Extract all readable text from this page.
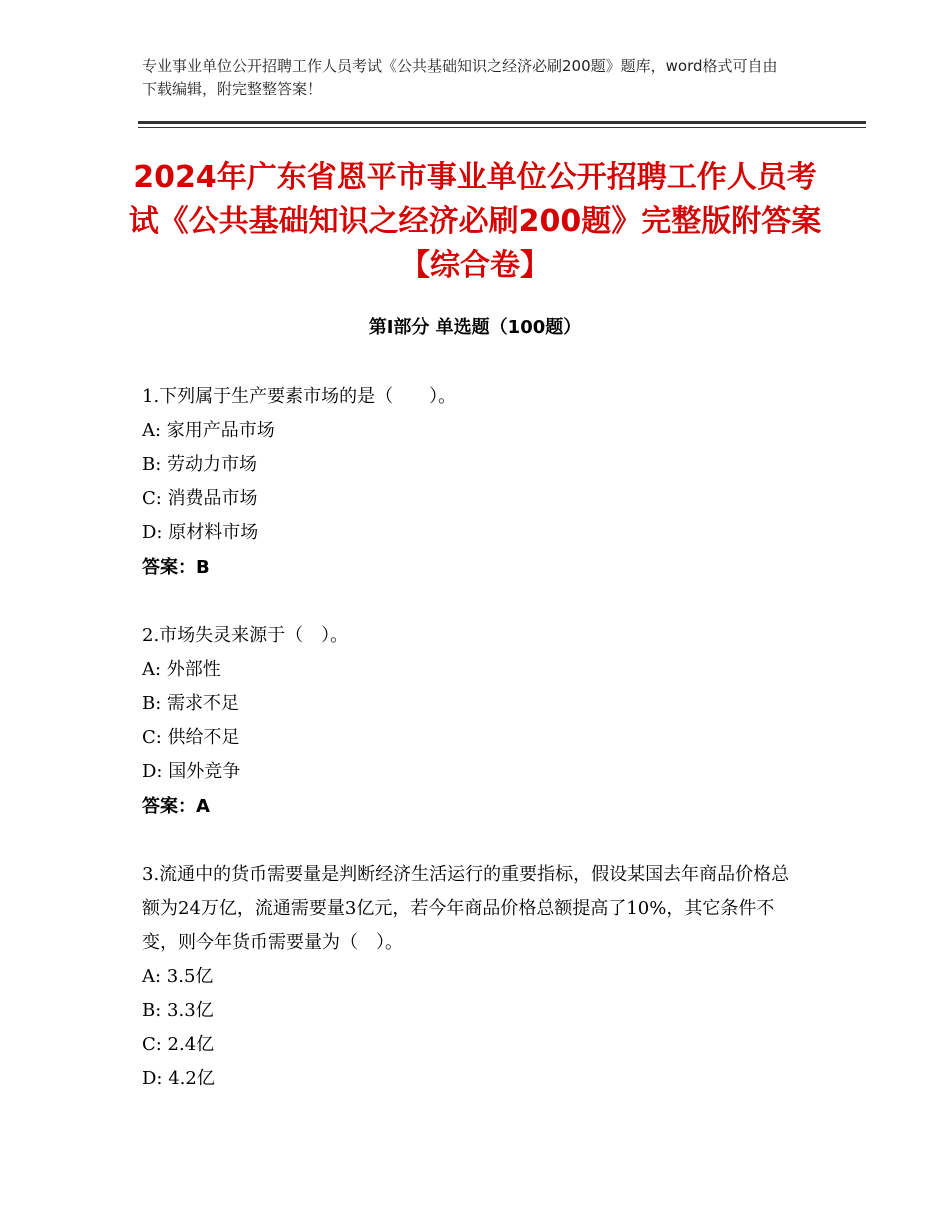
专业事业单位公开招聘工作人员考试《公共基础知识之经济必刷200题》题库，word格式可自由下载编辑，附完整整答案！
2024年广东省恩平市事业单位公开招聘工作人员考试《公共基础知识之经济必刷200题》完整版附答案【综合卷】
第Ⅰ部分 单选题（100题）
1.下列属于生产要素市场的是（　　）。
A: 家用产品市场
B: 劳动力市场
C: 消费品市场
D: 原材料市场
答案：B
2.市场失灵来源于（　）。
A: 外部性
B: 需求不足
C: 供给不足
D: 国外竞争
答案：A
3.流通中的货币需要量是判断经济生活运行的重要指标，假设某国去年商品价格总额为24万亿，流通需要量3亿元，若今年商品价格总额提高了10%，其它条件不变，则今年货币需要量为（　）。
A: 3.5亿
B: 3.3亿
C: 2.4亿
D: 4.2亿
